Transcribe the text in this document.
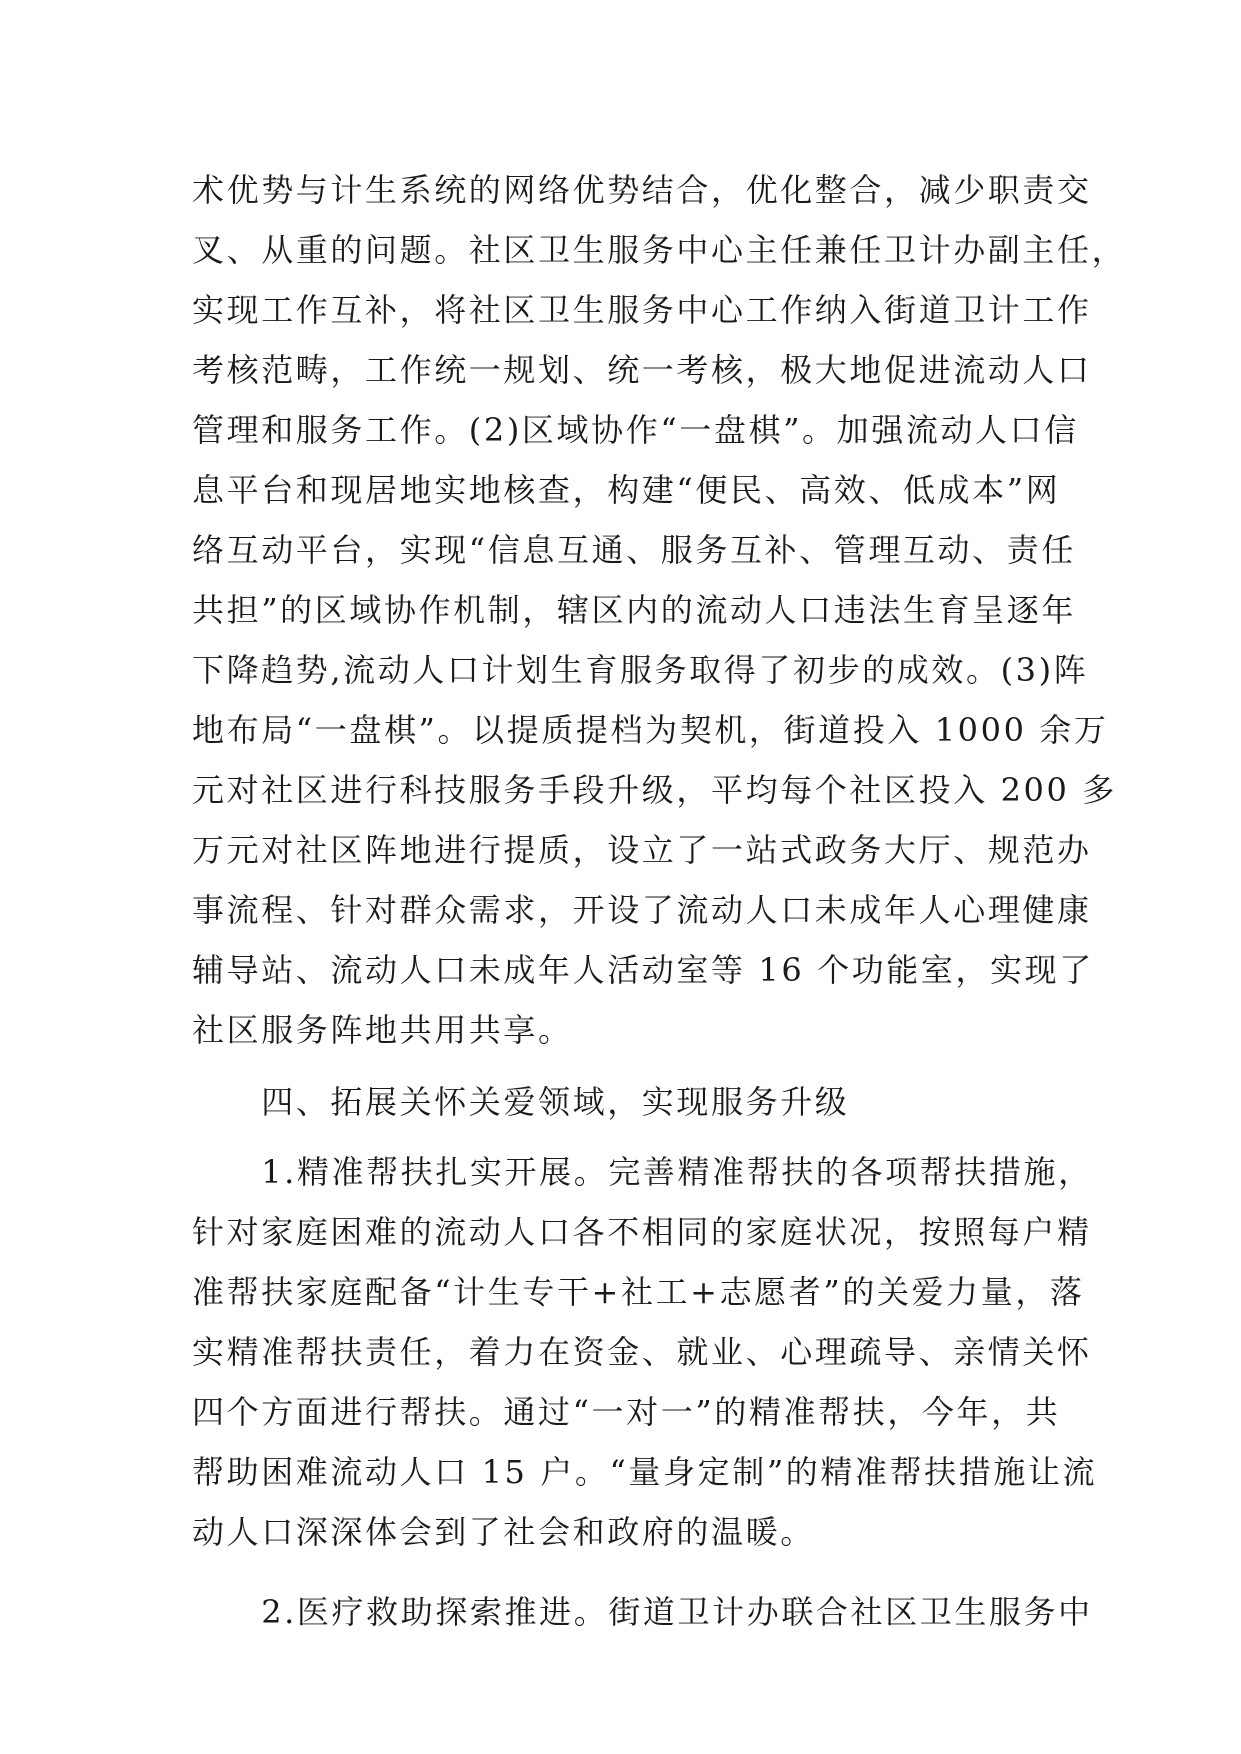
术优势与计生系统的网络优势结合，优化整合，减少职责交
叉、从重的问题。社区卫生服务中心主任兼任卫计办副主任，
实现工作互补，将社区卫生服务中心工作纳入街道卫计工作
考核范畴，工作统一规划、统一考核，极大地促进流动人口
管理和服务工作。(2)区域协作“一盘棋”。加强流动人口信
息平台和现居地实地核查，构建“便民、高效、低成本”网
络互动平台，实现“信息互通、服务互补、管理互动、责任
共担”的区域协作机制，辖区内的流动人口违法生育呈逐年
下降趋势,流动人口计划生育服务取得了初步的成效。(3)阵
地布局“一盘棋”。以提质提档为契机，街道投入 1000 余万
元对社区进行科技服务手段升级，平均每个社区投入 200 多
万元对社区阵地进行提质，设立了一站式政务大厅、规范办
事流程、针对群众需求，开设了流动人口未成年人心理健康
辅导站、流动人口未成年人活动室等 16 个功能室，实现了
社区服务阵地共用共享。
　　四、拓展关怀关爱领域，实现服务升级
　　1.精准帮扶扎实开展。完善精准帮扶的各项帮扶措施，
针对家庭困难的流动人口各不相同的家庭状况，按照每户精
准帮扶家庭配备“计生专干+社工+志愿者”的关爱力量，落
实精准帮扶责任，着力在资金、就业、心理疏导、亲情关怀
四个方面进行帮扶。通过“一对一”的精准帮扶，今年，共
帮助困难流动人口 15 户。“量身定制”的精准帮扶措施让流
动人口深深体会到了社会和政府的温暖。
　　2.医疗救助探索推进。街道卫计办联合社区卫生服务中
